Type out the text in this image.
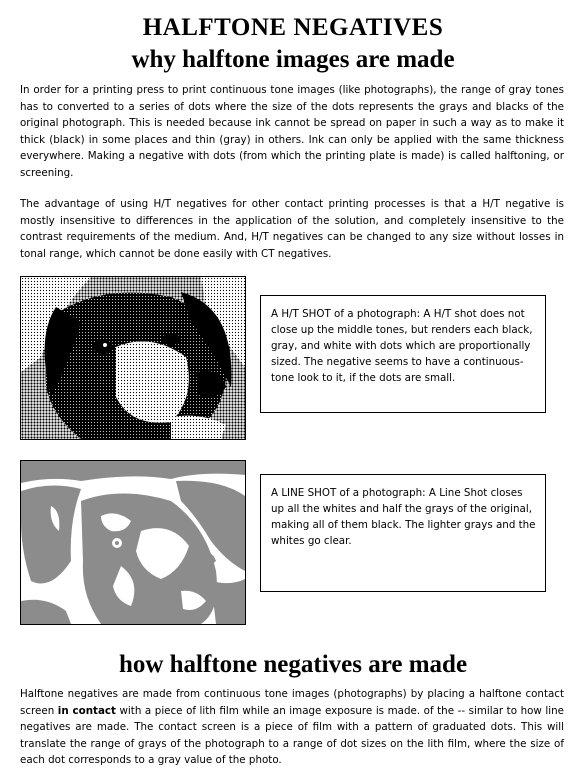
HALFTONE NEGATIVES
why halftone images are made

In order for a printing press to print continuous tone images (like photographs), the range of gray tones has to converted to a series of dots where the size of the dots represents the grays and blacks of the original photograph. This is needed because ink cannot be spread on paper in such a way as to make it thick (black) in some places and thin (gray) in others. Ink can only be applied with the same thickness everywhere. Making a negative with dots (from which the printing plate is made) is called halftoning, or screening.

The advantage of using H/T negatives for other contact printing processes is that a H/T negative is mostly insensitive to differences in the application of the solution, and completely insensitive to the contrast requirements of the medium. And, H/T negatives can be changed to any size without losses in tonal range, which cannot be done easily with CT negatives.

A H/T SHOT of a photograph: A H/T shot does not close up the middle tones, but renders each black, gray, and white with dots which are proportionally sized. The negative seems to have a continuous-tone look to it, if the dots are small.
A LINE SHOT of a photograph: A Line Shot closes up all the whites and half the grays of the original, making all of them black. The lighter grays and the whites go clear.
how halftone negatives are made

Halftone negatives are made from continuous tone images (photographs) by placing a halftone contact screen in contact with a piece of lith film while an image exposure is made. of the -- similar to how line negatives are made. The contact screen is a piece of film with a pattern of graduated dots. This will translate the range of grays of the photograph to a range of dot sizes on the lith film, where the size of each dot corresponds to a gray value of the photo.
